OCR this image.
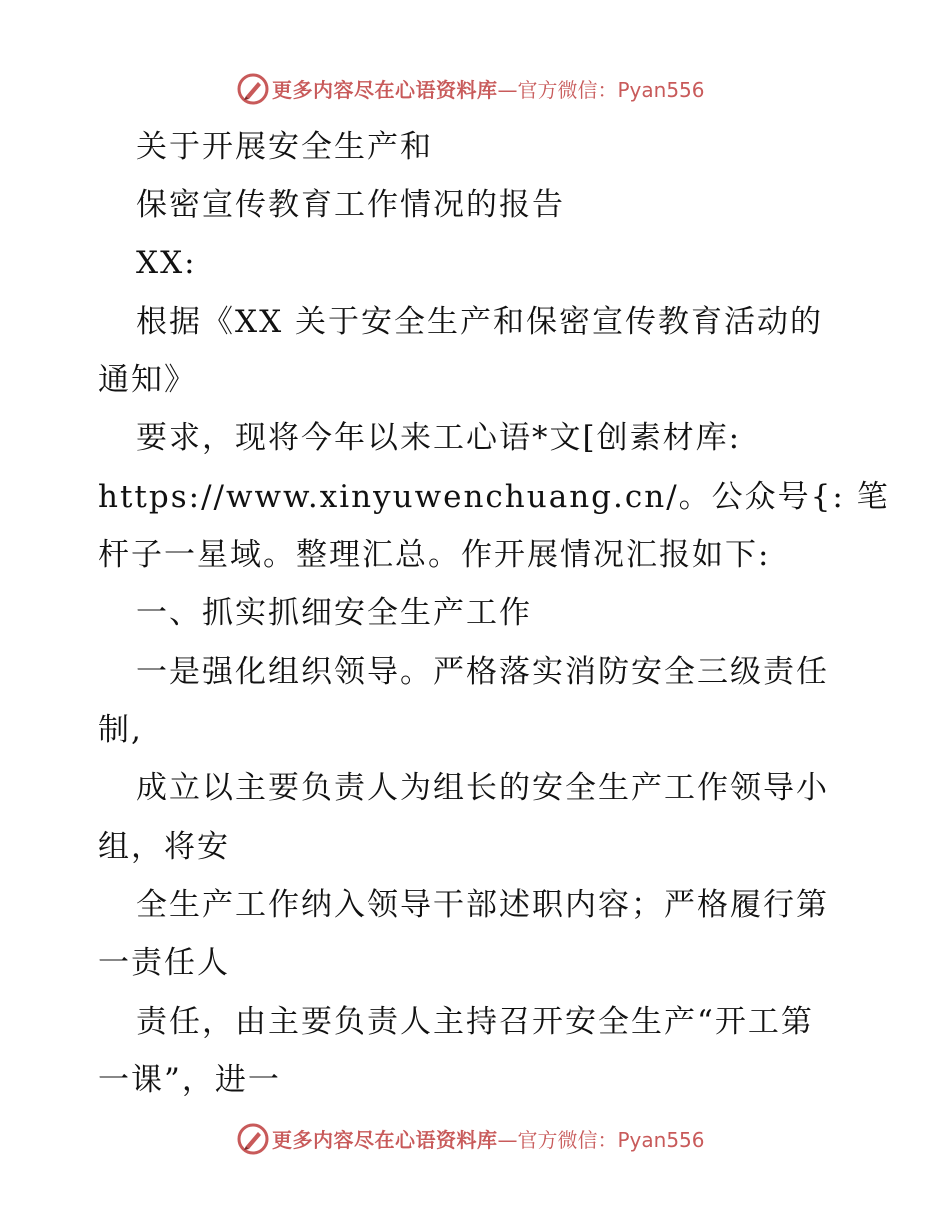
更多内容尽在心语资料库—官方微信：Pyan556
关于开展安全生产和
保密宣传教育工作情况的报告
XX:
根据《XX 关于安全生产和保密宣传教育活动的
通知》
要求，现将今年以来工心语*文[创素材库:
https://www.xinyuwenchuang.cn/。公众号{: 笔
杆子一星域。整理汇总。作开展情况汇报如下:
一、抓实抓细安全生产工作
一是强化组织领导。严格落实消防安全三级责任
制,
成立以主要负责人为组长的安全生产工作领导小
组，将安
全生产工作纳入领导干部述职内容；严格履行第
一责任人
责任，由主要负责人主持召开安全生产“开工第
一课”，进一
更多内容尽在心语资料库—官方微信：Pyan556
